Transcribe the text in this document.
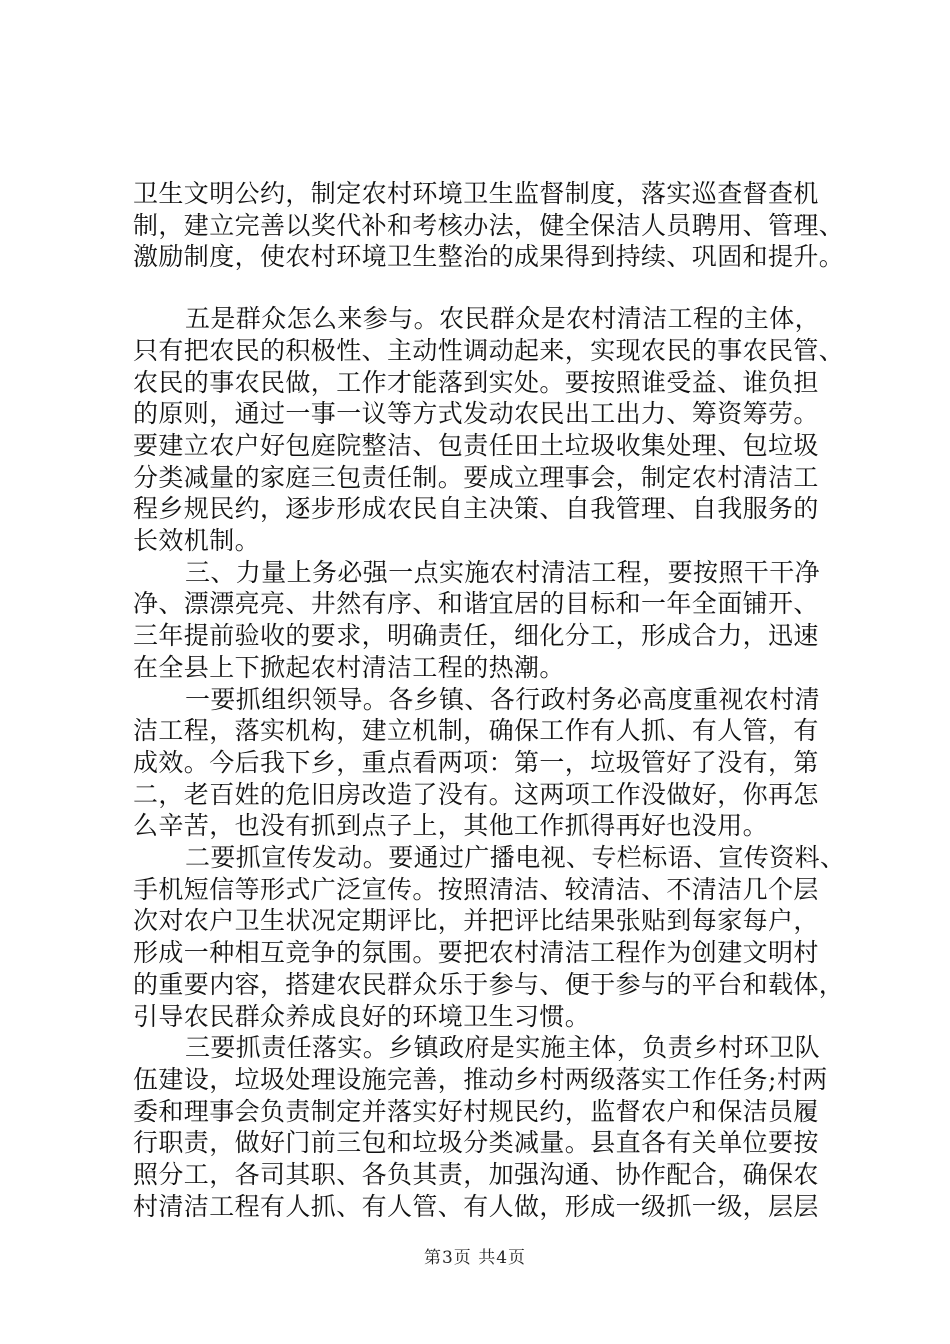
卫生文明公约，制定农村环境卫生监督制度，落实巡查督查机
制，建立完善以奖代补和考核办法，健全保洁人员聘用、管理、
激励制度，使农村环境卫生整治的成果得到持续、巩固和提升。
五是群众怎么来参与。农民群众是农村清洁工程的主体，
只有把农民的积极性、主动性调动起来，实现农民的事农民管、
农民的事农民做，工作才能落到实处。要按照谁受益、谁负担
的原则，通过一事一议等方式发动农民出工出力、筹资筹劳。
要建立农户好包庭院整洁、包责任田土垃圾收集处理、包垃圾
分类减量的家庭三包责任制。要成立理事会，制定农村清洁工
程乡规民约，逐步形成农民自主决策、自我管理、自我服务的
长效机制。
三、力量上务必强一点实施农村清洁工程，要按照干干净
净、漂漂亮亮、井然有序、和谐宜居的目标和一年全面铺开、
三年提前验收的要求，明确责任，细化分工，形成合力，迅速
在全县上下掀起农村清洁工程的热潮。
一要抓组织领导。各乡镇、各行政村务必高度重视农村清
洁工程，落实机构，建立机制，确保工作有人抓、有人管，有
成效。今后我下乡，重点看两项：第一，垃圾管好了没有，第
二，老百姓的危旧房改造了没有。这两项工作没做好，你再怎
么辛苦，也没有抓到点子上，其他工作抓得再好也没用。
二要抓宣传发动。要通过广播电视、专栏标语、宣传资料、
手机短信等形式广泛宣传。按照清洁、较清洁、不清洁几个层
次对农户卫生状况定期评比，并把评比结果张贴到每家每户，
形成一种相互竞争的氛围。要把农村清洁工程作为创建文明村
的重要内容，搭建农民群众乐于参与、便于参与的平台和载体，
引导农民群众养成良好的环境卫生习惯。
三要抓责任落实。乡镇政府是实施主体，负责乡村环卫队
伍建设，垃圾处理设施完善，推动乡村两级落实工作任务;村两
委和理事会负责制定并落实好村规民约，监督农户和保洁员履
行职责，做好门前三包和垃圾分类减量。县直各有关单位要按
照分工，各司其职、各负其责，加强沟通、协作配合，确保农
村清洁工程有人抓、有人管、有人做，形成一级抓一级，层层
第3页 共4页
